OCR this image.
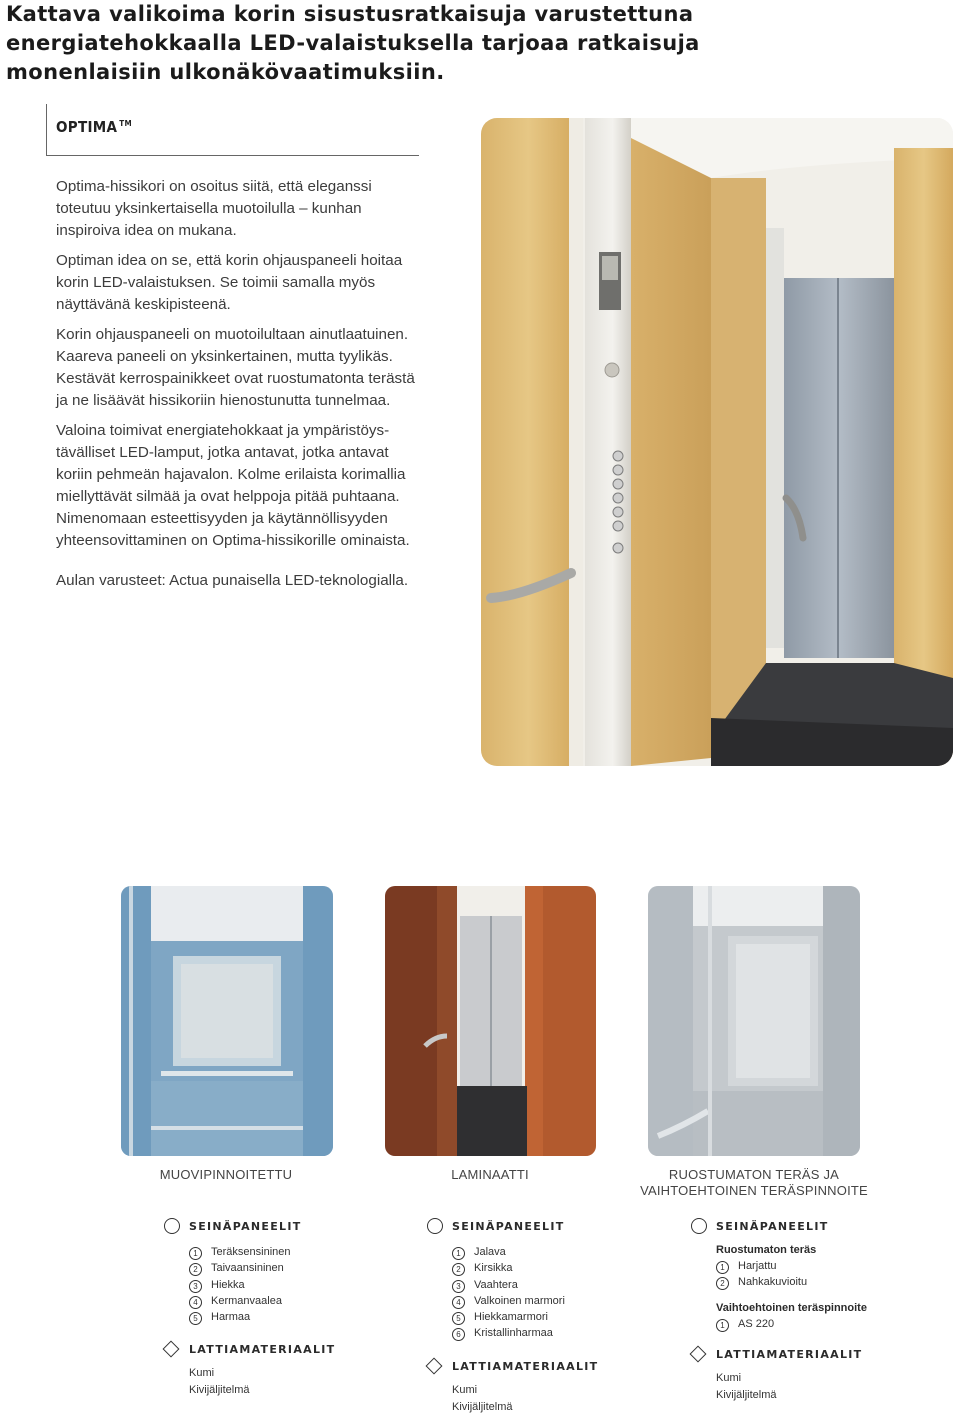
Kattava valikoima korin sisustusratkaisuja varustettuna energiatehokkaalla LED-valaistuksella tarjoaa ratkaisuja monenlaisiin ulkonäkövaatimuksiin.
OPTIMA ™

Optima-hissikori on osoitus siitä, että eleganssi toteutuu yksinkertaisella muotoilulla – kunhan inspiroiva idea on mukana.

Optiman idea on se, että korin ohjauspaneeli hoitaa korin LED-valaistuksen. Se toimii samalla myös näyttävänä keskipisteenä.

Korin ohjauspaneeli on muotoilultaan ainutlaatuinen. Kaareva paneeli on yksinkertainen, mutta tyylikäs. Kestävät kerrospainikkeet ovat ruostumatonta terästä ja ne lisäävät hissikoriin hienostunutta tunnelmaa.

Valoina toimivat energiatehokkaat ja ympäristöys-tävälliset LED-lamput, jotka antavat, jotka antavat koriin pehmeän hajavalon. Kolme erilaista korimallia miellyttävät silmää ja ovat helppoja pitää puhtaana. Nimenomaan esteettisyyden ja käytännöllisyyden yhteensovittaminen on Optima-hissikorille ominaista.

Aulan varusteet: Actua punaisella LED-teknologialla.

MUOVIPINNOITETTU	LAMINAATTI	RUOSTUMATON TERÄS JA
VAIHTOEHTOINEN TERÄSPINNOITE
SEINÄPANEELIT
1 Teräksensininen
2 Taivaansininen
3 Hiekka
4 Kermanvaalea
5 Harmaa
LATTIAMATERIAALIT
Kumi
Kivijäljitelmä
SEINÄPANEELIT
1 Jalava
2 Kirsikka
3 Vaahtera
4 Valkoinen marmori
5 Hiekkamarmori
6 Kristallinharmaa
LATTIAMATERIAALIT
Kumi
Kivijäljitelmä
SEINÄPANEELIT
Ruostumaton teräs
1 Harjattu
2 Nahkakuvioitu
Vaihtoehtoinen teräspinnoite
1 AS 220
LATTIAMATERIAALIT
Kumi
Kivijäljitelmä
